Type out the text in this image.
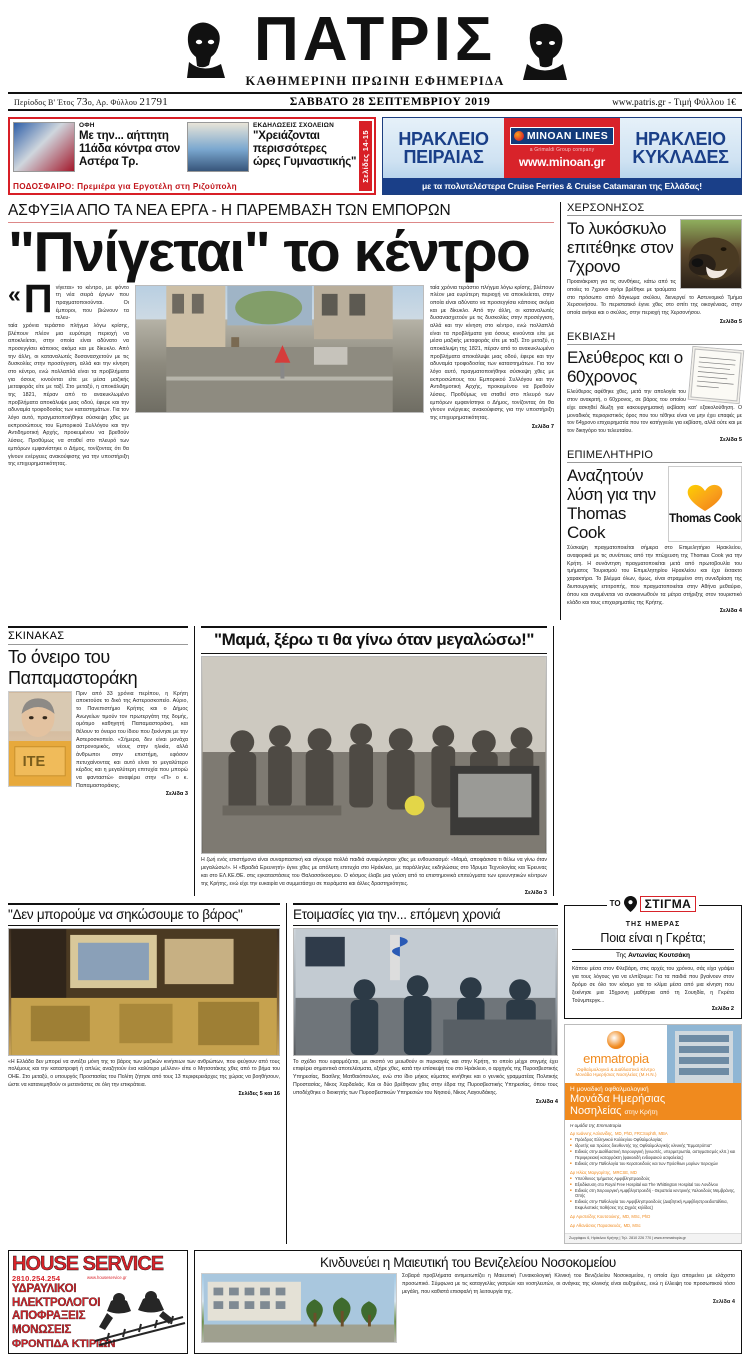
ΠΑΤΡΙΣ
ΚΑΘΗΜΕΡΙΝΗ ΠΡΩΙΝΗ ΕΦΗΜΕΡΙΔΑ
Περίοδος Β' Έτος 73ο, Αρ. Φύλλου 21791	ΣΑΒΒΑΤΟ 28 ΣΕΠΤΕΜΒΡΙΟΥ 2019	www.patris.gr - Τιμή Φύλλου 1€
ΟΦΗ
Με την... αήττητη 11άδα κόντρα στον Αστέρα Τρ.
ΕΚΔΗΛΩΣΕΙΣ ΣΧΟΛΕΙΩΝ
"Χρειάζονται περισσότερες ώρες Γυμναστικής"
ΠΟΔΟΣΦΑΙΡΟ: Πρεμιέρα για Εργοτέλη στη Ριζούπολη
Σελίδες 14-15 ΗΡΑΚΛΕΙΟ
ΠΕΙΡΑΙΑΣ
MINOAN LINES
a Grimaldi Group company
www.minoan.gr
ΗΡΑΚΛΕΙΟ
ΚΥΚΛΑΔΕΣ
με τα πολυτελέστερα Cruise Ferries & Cruise Catamaran της Ελλάδας!
ΑΣΦΥΞΙΑ ΑΠΟ ΤΑ ΝΕΑ ΕΡΓΑ - Η ΠΑΡΕΜΒΑΣΗ ΤΩΝ ΕΜΠΟΡΩΝ
"Πνίγεται" το κέντρο
« Π νίγεται» το κέντρο, με φόντο τη νέα σειρά έργων που πραγματοποιούνται. Οι έμποροι, που βιώνουν τα τελευ-
ταία χρόνια τεράστιο πλήγμα λόγω κρίσης, βλέπουν πλέον μια ευρύτερη περιοχή να αποκλείεται, στην οποία είναι αδύνατο να προσεγγίσει κάποιος ακόμα και με δίκυκλο. Από την άλλη, οι καταναλωτές δυσανασχετούν με τις δυσκολίες στην προσέγγιση, αλλά και την κίνηση στο κέντρο, ενώ πολλαπλά είναι τα προβλήματα για όσους κινούνται είτε με μέσα μαζικής μεταφοράς είτε με ταξί. Στο μεταξύ, η αποκάλυψη της 1821, πέραν από το ανακυκλωμένο προβλήματα αποκάλυψε μιας οδού, έφερε και την αδυναμία τροφοδοσίας των καταστημάτων. Για τον λόγο αυτό, πραγματοποιήθηκε σύσκεψη χθες με εκπροσώπους του Εμπορικού Συλλόγου και την Αντιδημοτική Αρχής, προκειμένου να βρεθούν λύσεις. Προθύμως να σταθεί στο πλευρό των εμπόρων εμφανίστηκε ο Δήμος, τονίζοντας ότι θα γίνουν ενέργειες ανακούφισης για την υποστήριξη της επιχειρηματικότητας.
ταία χρόνια τεράστιο πλήγμα λόγω κρίσης, βλέπουν πλέον μια ευρύτερη περιοχή να αποκλείεται, στην οποία είναι αδύνατο να προσεγγίσει κάποιος ακόμα και με δίκυκλο. Από την άλλη, οι καταναλωτές δυσανασχετούν με τις δυσκολίες στην προσέγγιση, αλλά και την κίνηση στο κέντρο, ενώ πολλαπλά είναι τα προβλήματα για όσους κινούνται είτε με μέσα μαζικής μεταφοράς είτε με ταξί. Στο μεταξύ, η αποκάλυψη της 1821, πέραν από το ανακυκλωμένο προβλήματα αποκάλυψε μιας οδού, έφερε και την αδυναμία τροφοδοσίας των καταστημάτων. Για τον λόγο αυτό, πραγματοποιήθηκε σύσκεψη χθες με εκπροσώπους του Εμπορικού Συλλόγου και την Αντιδημοτική Αρχής, προκειμένου να βρεθούν λύσεις. Προθύμως να σταθεί στο πλευρό των εμπόρων εμφανίστηκε ο Δήμος, τονίζοντας ότι θα γίνουν ενέργειες ανακούφισης για την υποστήριξη της επιχειρηματικότητας.
Σελίδα 7
ΧΕΡΣΟΝΗΣΟΣ
Το λυκόσκυλο επιτέθηκε στον 7χρονο
Προανάκριση για τις συνθήκες, κάτω από τις οποίες το 7χρονο αγόρι βρέθηκε με τραύματα στο πρόσωπο από δάγκωμα σκύλου, διενεργεί το Αστυνομικό Τμήμα Χερσονήσου. Το περιστατικό έγινε χθες στο σπίτι της οικογένειας, στην οποία ανήκει και ο σκύλος, στην περιοχή της Χερσονήσου.
Σελίδα 5
ΕΚΒΙΑΣΗ
Ελεύθερος και ο 60χρονος
Ελεύθερος αφέθηκε χθες, μετά την απολογία του στον ανακριτή, ο 60χρονος, σε βάρος του οποίου είχε ασκηθεί δίωξη για κακουργηματική εκβίαση κατ' εξακολούθηση. Ο μοναδικός περιοριστικός όρος που του τέθηκε είναι να μην έχει επαφές με τον 64χρονο επιχειρηματία που τον κατήγγειλε για εκβίαση, αλλά ούτε και με τον δικηγόρο του τελευταίου.
Σελίδα 5
ΕΠΙΜΕΛΗΤΗΡΙΟ
Thomas Cook
Αναζητούν λύση για την Thomas Cook
Σύσκεψη πραγματοποιείται σήμερα στο Επιμελητήριο Ηρακλείου, αναφορικά με τις συνέπειες από την πτώχευση της Thomas Cook για την Κρήτη. Η συνάντηση πραγματοποιείται μετά από πρωτοβουλία του τμήματος Τουρισμού του Επιμελητηρίου Ηρακλείου και έχει έκτακτο χαρακτήρα. Το βλέμμα όλων, όμως, είναι στραμμένο στη συνεδρίαση της διυπουργικής επιτροπής, που πραγματοποιείται στην Αθήνα μεθαύριο, όπου και αναμένεται να ανακοινωθούν τα μέτρα στήριξης στον τουριστικό κλάδο και τους επιχειρηματίες της Κρήτης.
Σελίδα 4
ΣΚΙΝΑΚΑΣ
Το όνειρο του Παπαμαστοράκη
ITE
Πριν από 33 χρόνια περίπου, η Κρήτη αποκτούσε το δικό της Αστεροσκοπείο. Αύριο, το Πανεπιστήμιο Κρήτης και ο Δήμος Ανωγείων τιμούν τον πρωτεργάτη της δομής, ομότιμο καθηγητή Παπαμαστοράκη, και θέλουν το όνειρο του ίδιου που ξεκίνησε με την Αστεροσκοπείο. «Σήμερα, δεν είναι μονάχα αστρονομικός, νέους στην ηλικία, αλλά άνθρωποι στην επιστήμη, εφόσον πετυχαίνοντας και αυτό είναι το μεγαλύτερο κέρδος και η μεγαλύτερη επιτυχία που μπορώ να φανταστώ» αναφέρει στην «Π» ο κ. Παπαμαστοράκης.
Σελίδα 3
"Μαμά, ξέρω τι θα γίνω όταν μεγαλώσω!"
Η ζωή ενός επιστήμονα είναι συναρπαστική και σίγουρα πολλά παιδιά αναφώνησαν χθες με ενθουσιασμό: «Μαμά, αποφάσισα τι θέλω να γίνω όταν μεγαλώσω!». Η «Βραδιά Ερευνητή» έγινε χθες με απόλυτη επιτυχία στο Ηράκλειο, με παράλληλες εκδηλώσεις στο Ίδρυμα Τεχνολογίας και Έρευνας και στο ΕΛ.ΚΕ.ΘΕ. στις εγκαταστάσεις του Θαλασσόκοσμου. Ο κόσμος έλαβε μια γεύση από τα επιστημονικά επιτεύγματα των ερευνητικών κέντρων της Κρήτης, ενώ είχε την ευκαιρία να συμμετάσχει σε πειράματα και άλλες δραστηριότητες.
Σελίδα 3
"Δεν μπορούμε να σηκώσουμε το βάρος"
«Η Ελλάδα δεν μπορεί να αντέξει μόνη της το βάρος των μαζικών κινήσεων των ανθρώπων, που φεύγουν από τους πολέμους και την καταστροφή ή απλώς αναζητούν ένα καλύτερο μέλλον» είπε ο Μητσοτάκης χθες από το βήμα του ΟΗΕ. Στο μεταξύ, ο υπουργός Προστασίας του Πολίτη ζήτησε από τους 13 περιφερειάρχες της χώρας να βοηθήσουν, ώστε να κατανεμηθούν οι μετανάστες σε όλη την επικράτεια.
Σελίδες 5 και 16
Ετοιμασίες για την... επόμενη χρονιά
Το σχέδιο που εφαρμόζεται, με σκοπό να μειωθούν οι πυρκαγιές και στην Κρήτη, το οποίο μέχρι στιγμής έχει επιφέρει σημαντικά αποτελέσματα, εξήρε χθες, κατά την επίσκεψή του στο Ηράκλειο, ο αρχηγός της Πυροσβεστικής Υπηρεσίας, Βασίλης Ματθαιόπουλος, ενώ στο ίδιο μήκος κύματος κινήθηκε και ο γενικός γραμματέας Πολιτικής Προστασίας, Νίκος Χαρδαλιάς. Και οι δύο βρέθηκαν χθες στην έδρα της Πυροσβεστικής Υπηρεσίας, όπου τους υποδέχθηκε ο διοικητής των Πυροσβεστικών Υπηρεσιών του Νησιού, Νίκος Λαγουδάκης.
Σελίδα 4
ΤΟ	ΣΤΙΓΜΑ
ΤΗΣ ΗΜΕΡΑΣ
Ποια είναι η Γκρέτα;
Της Αντωνίας Κουτσάκη
Κάπου μέσα στον Φλεβάρη, στις αρχές του χρόνου, σάς είχα γράψει για τους λόγους για να ελπίζουμε: Για τα παιδιά που βγαίνουν στον δρόμο σε όλο τον κόσμο για το κλίμα μέσα από μια κίνηση που ξεκίνησε μια 15χρονη μαθήτρια από τη Σουηδία, η Γκρέτα Τούνμπεργκ...
Σελίδα 2
emmatropia
Οφθαλμολογικό & Διαθλαστικό Κέντρο
Μονάδα Ημερήσιας Νοσηλείας (Μ.Η.Ν.)
Η μοναδική οφθαλμολογική
Μονάδα Ημερήσιας
Νοσηλείας στην Κρήτη
Η ομάδα της Emmatropia
Δρ Ιωάννης Ασλανίδης, MD, PhD, FRCSophth, MBA
■ Πρόεδρος Ελληνικού Κολλεγίου Οφθαλμολογίας
■ Ιδρυτής και πρώτος διευθυντής της Οφθαλμολογικής κλινικής "Εμματρόπια"
■ Ειδικός στην Διαθλαστική Χειρουργική (γνωστές, υπερμετρωπία, αστιγματισμός κλπ.) και Περιφερειακή καταρράκτη (φακοειδή ενδοφακού ασφαλείας)
■ Ειδικός στην Παθολογία του Κερατοειδούς και των Πρόσθιων μορίων περιοχών
Δρ Ηλίας Μαργαρίτης, MRCSE, MD
■ Υπεύθυνος τμήματος Αμφιβληστροειδούς
■ Εξειδίκευση στο Royal Free Hospital και The Whittington Hospital του Λονδίνου
■ Ειδικός στη Χειρουργική Αμφιβληστροειδή - Θεραπεία κεντρικής Υαλοειδούς Μεμβράνης, Οπής
■ Ειδικός στην Παθολογία του Αμφιβληστροειδούς (Διαβητική Αμφιβληστροειδοπάθεια, Εκφυλιστικές παθήσεις της Ωχράς κηλίδας)
Δρ Αριστείδης Κουτσούκης, MD, MSc, PhD
Δρ Αθανάσιος Παρασκευάς, MD, MSc
Ζωγράφου 6, Ηράκλειο Κρήτης | Τηλ. 2810 226 770 | www.emmatropia.gr
HOUSE SERVICE
2810.254.254	www.houseservice.gr
ΥΔΡΑΥΛΙΚΟΙ
ΗΛΕΚΤΡΟΛΟΓΟΙ
ΑΠΟΦΡΑΞΕΙΣ
ΜΟΝΩΣΕΙΣ
ΦΡΟΝΤΙΔΑ ΚΤΙΡΙΩΝ
Κινδυνεύει η Μαιευτική του Βενιζελείου Νοσοκομείου
Σοβαρά προβλήματα αντιμετωπίζει η Μαιευτική Γυναικολογική Κλινική του Βενιζελείου Νοσοκομείου, η οποία έχει απομείνει με ελάχιστο προσωπικό. Σύμφωνα με τις καταγγελίες γιατρών και νοσηλευτών, οι ανάγκες της κλινικής είναι αυξημένες, ενώ η έλλειψη του προσωπικού τόσο μεγάλη, που καθιστά επισφαλή τη λειτουργία της.
Σελίδα 4
